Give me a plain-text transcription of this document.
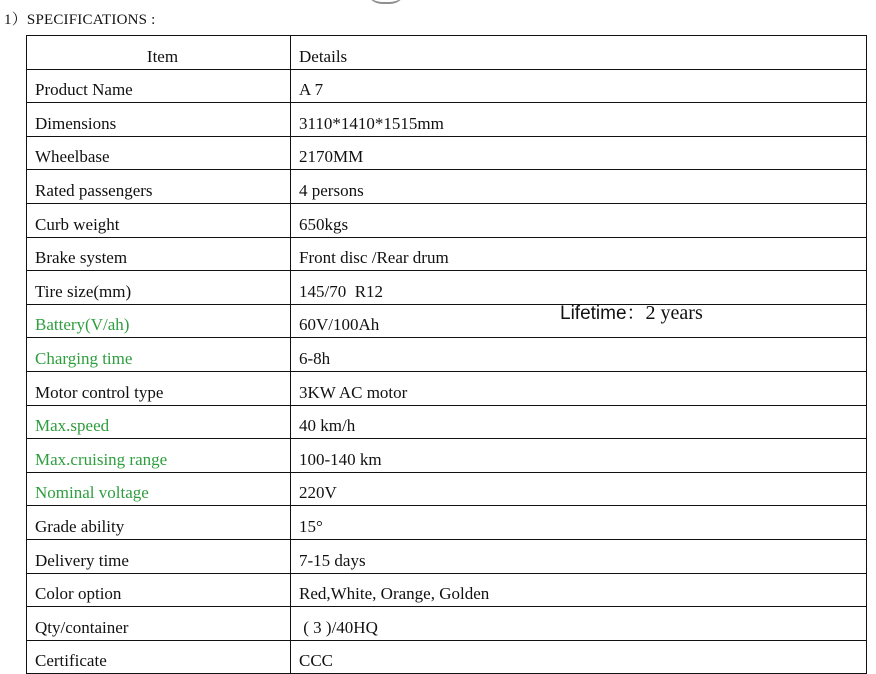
1）SPECIFICATIONS :
Item	Details
Product Name	A 7
Dimensions	3110*1410*1515mm
Wheelbase	2170MM
Rated passengers	4 persons
Curb weight	650kgs
Brake system	Front disc /Rear drum
Tire size(mm)	145/70  R12
Battery(V/ah)	60V/100Ah
Charging time	6-8h
Motor control type	3KW AC motor
Max.speed	40 km/h
Max.cruising range	100-140 km
Nominal voltage	220V
Grade ability	15°
Delivery time	7-15 days
Color option	Red,White, Orange, Golden
Qty/container	( 3 )/40HQ
Certificate	CCC
Lifetime：2 years
